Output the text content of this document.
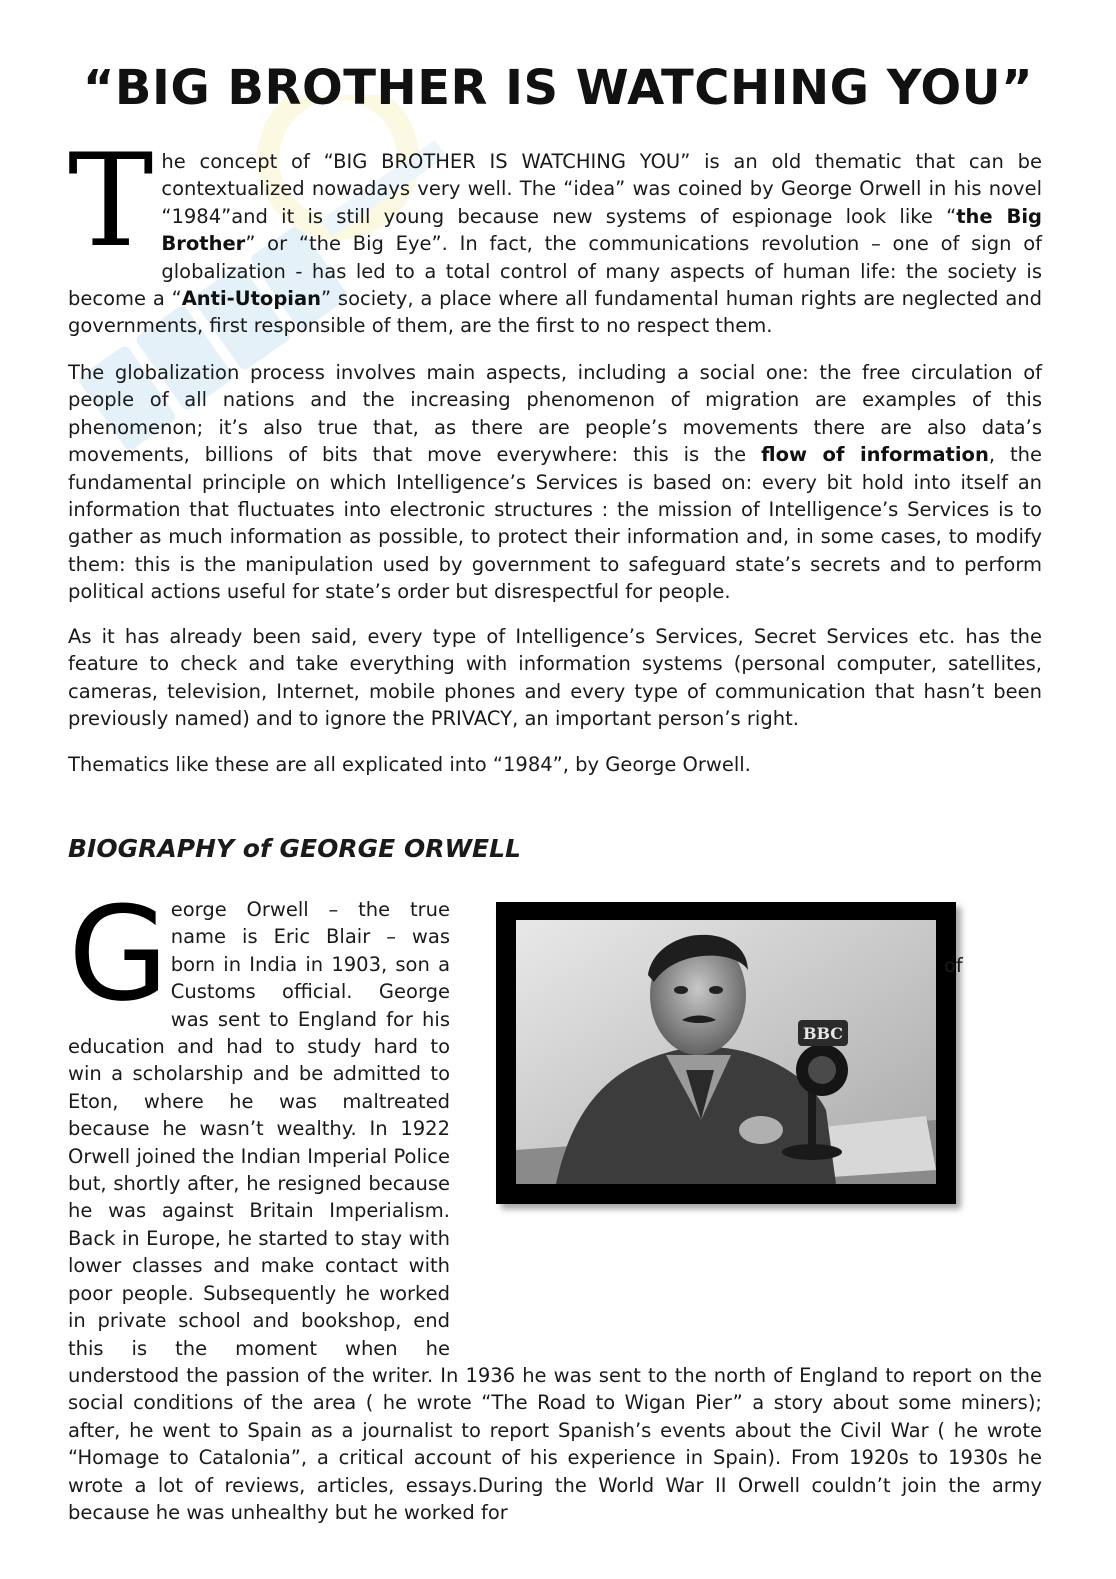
“BIG BROTHER IS WATCHING YOU”

The concept of “BIG BROTHER IS WATCHING YOU” is an old thematic that can be contextualized nowadays very well. The “idea” was coined by George Orwell in his novel “1984”and it is still young because new systems of espionage look like “the Big Brother” or “the Big Eye”. In fact, the communications revolution – one of sign of globalization - has led to a total control of many aspects of human life: the society is become a “Anti-Utopian” society, a place where all fundamental human rights are neglected and governments, first responsible of them, are the first to no respect them.

The globalization process involves main aspects, including a social one: the free circulation of people of all nations and the increasing phenomenon of migration are examples of this phenomenon; it’s also true that, as there are people’s movements there are also data’s movements, billions of bits that move everywhere: this is the flow of information, the fundamental principle on which Intelligence’s Services is based on: every bit hold into itself an information that fluctuates into electronic structures : the mission of Intelligence’s Services is to gather as much information as possible, to protect their information and, in some cases, to modify them: this is the manipulation used by government to safeguard state’s secrets and to perform political actions useful for state’s order but disrespectful for people.

As it has already been said, every type of Intelligence’s Services, Secret Services etc. has the feature to check and take everything with information systems (personal computer, satellites, cameras, television, Internet, mobile phones and every type of communication that hasn’t been previously named) and to ignore the PRIVACY, an important person’s right.

Thematics like these are all explicated into “1984”, by George Orwell.

BIOGRAPHY of GEORGE ORWELL
BBC
G eorge Orwell – the true name is Eric Blair – was born in India in 1903, son a Customs official. George was sent to England for his education and had to study hard to win a scholarship and be admitted to Eton, where he was maltreated because he wasn’t wealthy. In 1922 Orwell joined the Indian Imperial Police but, shortly after, he resigned because he was against Britain Imperialism. Back in Europe, he started to stay with lower classes and make contact with poor people. Subsequently he worked in private school and bookshop, end this is the moment when he understood the passion of the writer. In 1936 he was sent to the north of England to report on the social conditions of the area ( he wrote “The Road to Wigan Pier” a story about some miners); after, he went to Spain as a journalist to report Spanish’s events about the Civil War ( he wrote “Homage to Catalonia”, a critical account of his experience in Spain). From 1920s to 1930s he wrote a lot of reviews, articles, essays.During the World War II Orwell couldn’t join the army because he was unhealthy but he worked for
of
